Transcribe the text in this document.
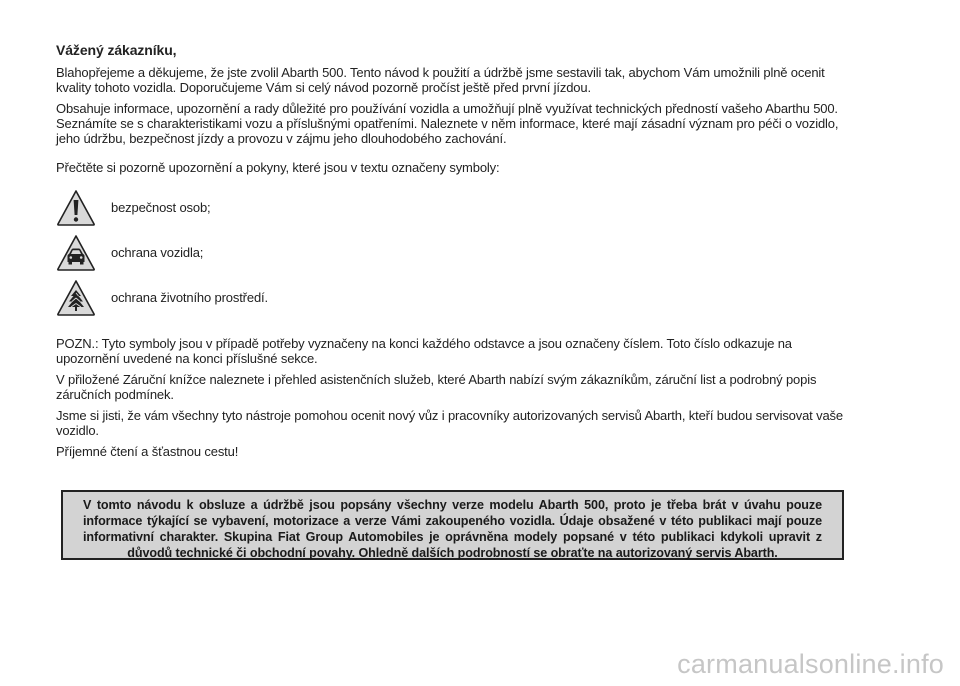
Vážený zákazníku,

Blahopřejeme a děkujeme, že jste zvolil Abarth 500. Tento návod k použití a údržbě jsme sestavili tak, abychom Vám umožnili plně ocenit kvality tohoto vozidla. Doporučujeme Vám si celý návod pozorně pročíst ještě před první jízdou.

Obsahuje informace, upozornění a rady důležité pro používání vozidla a umožňují plně využívat technických předností vašeho Abarthu 500. Seznámíte se s charakteristikami vozu a příslušnými opatřeními. Naleznete v něm informace, které mají zásadní význam pro péči o vozidlo, jeho údržbu, bezpečnost jízdy a provozu v zájmu jeho dlouhodobého zachování.

Přečtěte si pozorně upozornění a pokyny, které jsou v textu označeny symboly:

bezpečnost osob;
ochrana vozidla;
ochrana životního prostředí.

POZN.: Tyto symboly jsou v případě potřeby vyznačeny na konci každého odstavce a jsou označeny číslem. Toto číslo odkazuje na upozornění uvedené na konci příslušné sekce.

V přiložené Záruční knížce naleznete i přehled asistenčních služeb, které Abarth nabízí svým zákazníkům, záruční list a podrobný popis záručních podmínek.

Jsme si jisti, že vám všechny tyto nástroje pomohou ocenit nový vůz i pracovníky autorizovaných servisů Abarth, kteří budou servisovat vaše vozidlo.

Příjemné čtení a šťastnou cestu!

V tomto návodu k obsluze a údržbě jsou popsány všechny verze modelu Abarth 500, proto je třeba brát v úvahu pouze informace týkající se vybavení, motorizace a verze Vámi zakoupeného vozidla. Údaje obsažené v této publikaci mají pouze informativní charakter. Skupina Fiat Group Automobiles je oprávněna modely popsané v této publikaci kdykoli upravit z důvodů technické či obchodní povahy. Ohledně dalších podrobností se obraťte na autorizovaný servis Abarth.
carmanualsonline.info
